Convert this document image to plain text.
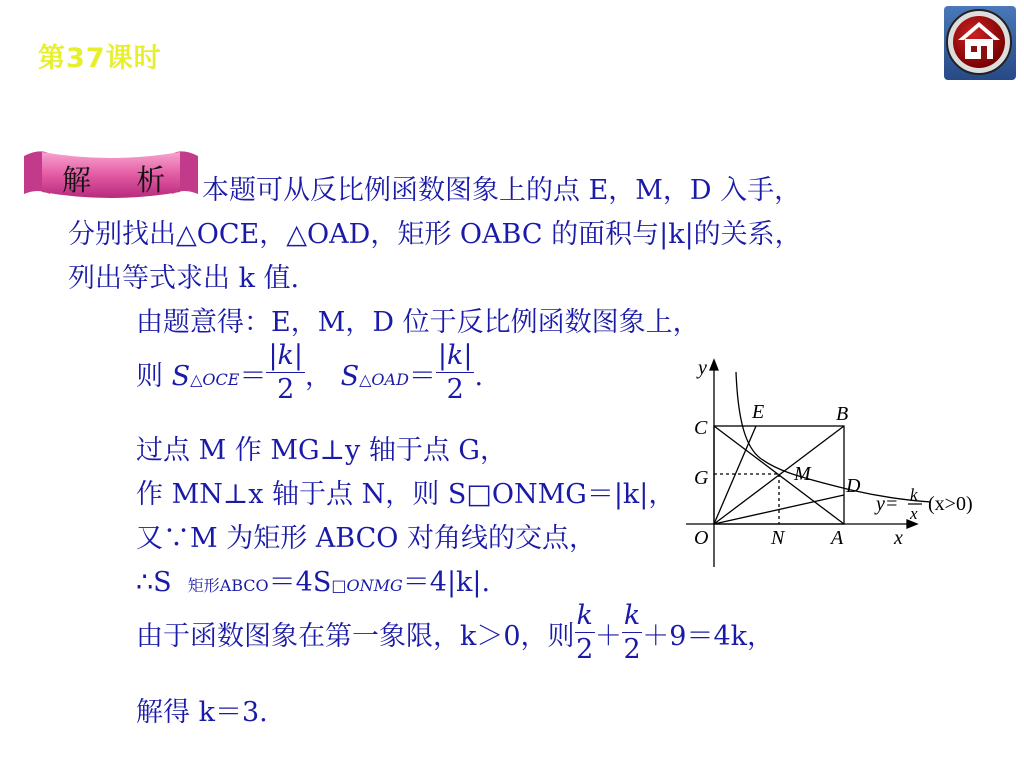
第37课时
解 析 本题可从反比例函数图象上的点 E，M，D 入手，
分别找出△OCE，△OAD，矩形 OABC 的面积与|k|的关系，
列出等式求出 k 值.
由题意得：E，M，D 位于反比例函数图象上，
则 S△OCE＝ $\frac{|k|}{2}$ ， S△OAD＝ $\frac{|k|}{2}$ .
过点 M 作 MG⊥y 轴于点 G，
作 MN⊥x 轴于点 N，则 S□ONMG＝|k|，
又∵M 为矩形 ABCO 对角线的交点，
∴S 矩形ABCO＝4S□ONMG＝4|k|.
由于函数图象在第一象限，k＞0，则 $\frac{k}{2} + \frac{k}{2} +9=4k$，
解得 k＝3.
y
x
C
E	B
G	M
D
O	N A
y= k
x (x>0)
